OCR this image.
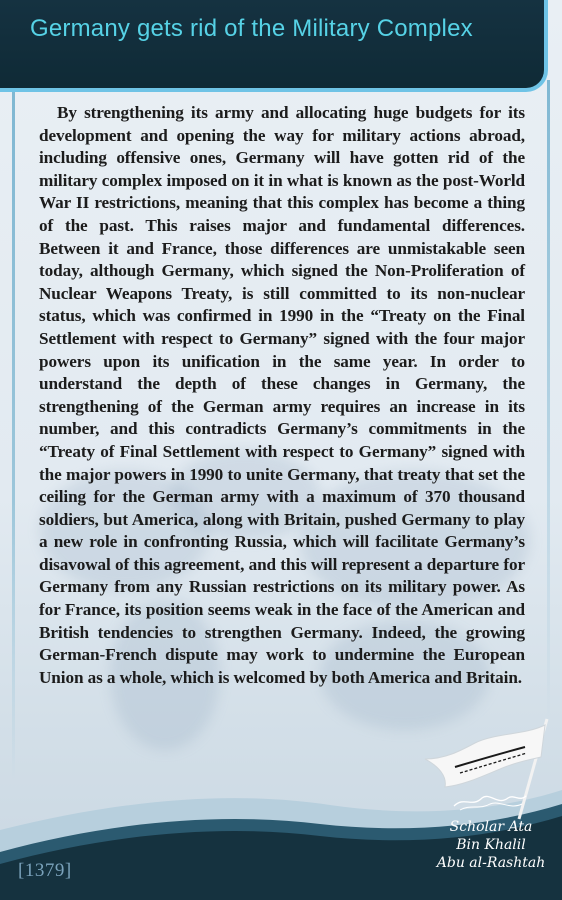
Germany gets rid of the Military Complex

By strengthening its army and allocating huge budgets for its development and opening the way for military actions abroad, including offensive ones, Germany will have gotten rid of the military complex imposed on it in what is known as the post-World War II restrictions, meaning that this complex has become a thing of the past. This raises major and fundamental differences. Between it and France, those differences are unmistakable seen today, although Germany, which signed the Non-Proliferation of Nuclear Weapons Treaty, is still committed to its non-nuclear status, which was confirmed in 1990 in the “Treaty on the Final Settlement with respect to Germany” signed with the four major powers upon its unification in the same year. In order to understand the depth of these changes in Germany, the strengthening of the German army requires an increase in its number, and this contradicts Germany’s commitments in the “Treaty of Final Settlement with respect to Germany” signed with the major powers in 1990 to unite Germany, that treaty that set the ceiling for the German army with a maximum of 370 thousand soldiers, but America, along with Britain, pushed Germany to play a new role in confronting Russia, which will facilitate Germany’s disavowal of this agreement, and this will represent a departure for Germany from any Russian restrictions on its military power. As for France, its position seems weak in the face of the American and British tendencies to strengthen Germany. Indeed, the growing German-French dispute may work to undermine the European Union as a whole, which is welcomed by both America and Britain.

[1379]
Scholar Ata
Bin Khalil
Abu al-Rashtah
